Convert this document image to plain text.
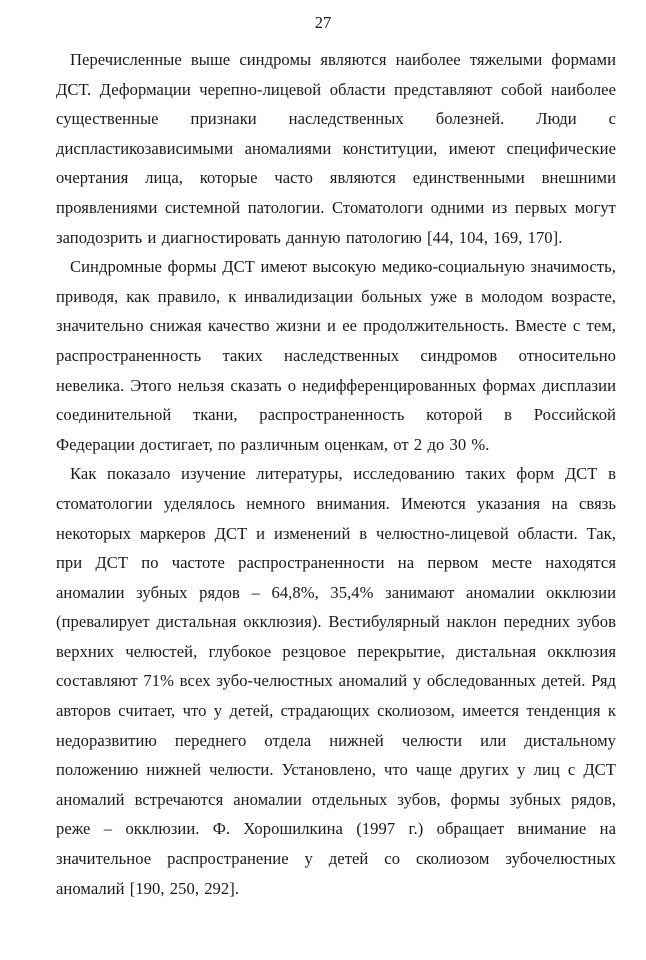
27

Перечисленные выше синдромы являются наиболее тяжелыми формами ДСТ. Деформации черепно-лицевой области представляют собой наиболее существенные признаки наследственных болезней. Люди с диспластикозависимыми аномалиями конституции, имеют специфические очертания лица, которые часто являются единственными внешними проявлениями системной патологии. Стоматологи одними из первых могут заподозрить и диагностировать данную патологию [44, 104, 169, 170].

Синдромные формы ДСТ имеют высокую медико-социальную значимость, приводя, как правило, к инвалидизации больных уже в молодом возрасте, значительно снижая качество жизни и ее продолжительность. Вместе с тем, распространенность таких наследственных синдромов относительно невелика. Этого нельзя сказать о недифференцированных формах дисплазии соединительной ткани, распространенность которой в Российской Федерации достигает, по различным оценкам, от 2 до 30 %.

Как показало изучение литературы, исследованию таких форм ДСТ в стоматологии уделялось немного внимания. Имеются указания на связь некоторых маркеров ДСТ и изменений в челюстно-лицевой области. Так, при ДСТ по частоте распространенности на первом месте находятся аномалии зубных рядов – 64,8%, 35,4% занимают аномалии окклюзии (превалирует дистальная окклюзия). Вестибулярный наклон передних зубов верхних челюстей, глубокое резцовое перекрытие, дистальная окклюзия составляют 71% всех зубо-челюстных аномалий у обследованных детей. Ряд авторов считает, что у детей, страдающих сколиозом, имеется тенденция к недоразвитию переднего отдела нижней челюсти или дистальному положению нижней челюсти. Установлено, что чаще других у лиц с ДСТ аномалий встречаются аномалии отдельных зубов, формы зубных рядов, реже – окклюзии. Ф. Хорошилкина (1997 г.) обращает внимание на значительное распространение у детей со сколиозом зубочелюстных аномалий [190, 250, 292].
